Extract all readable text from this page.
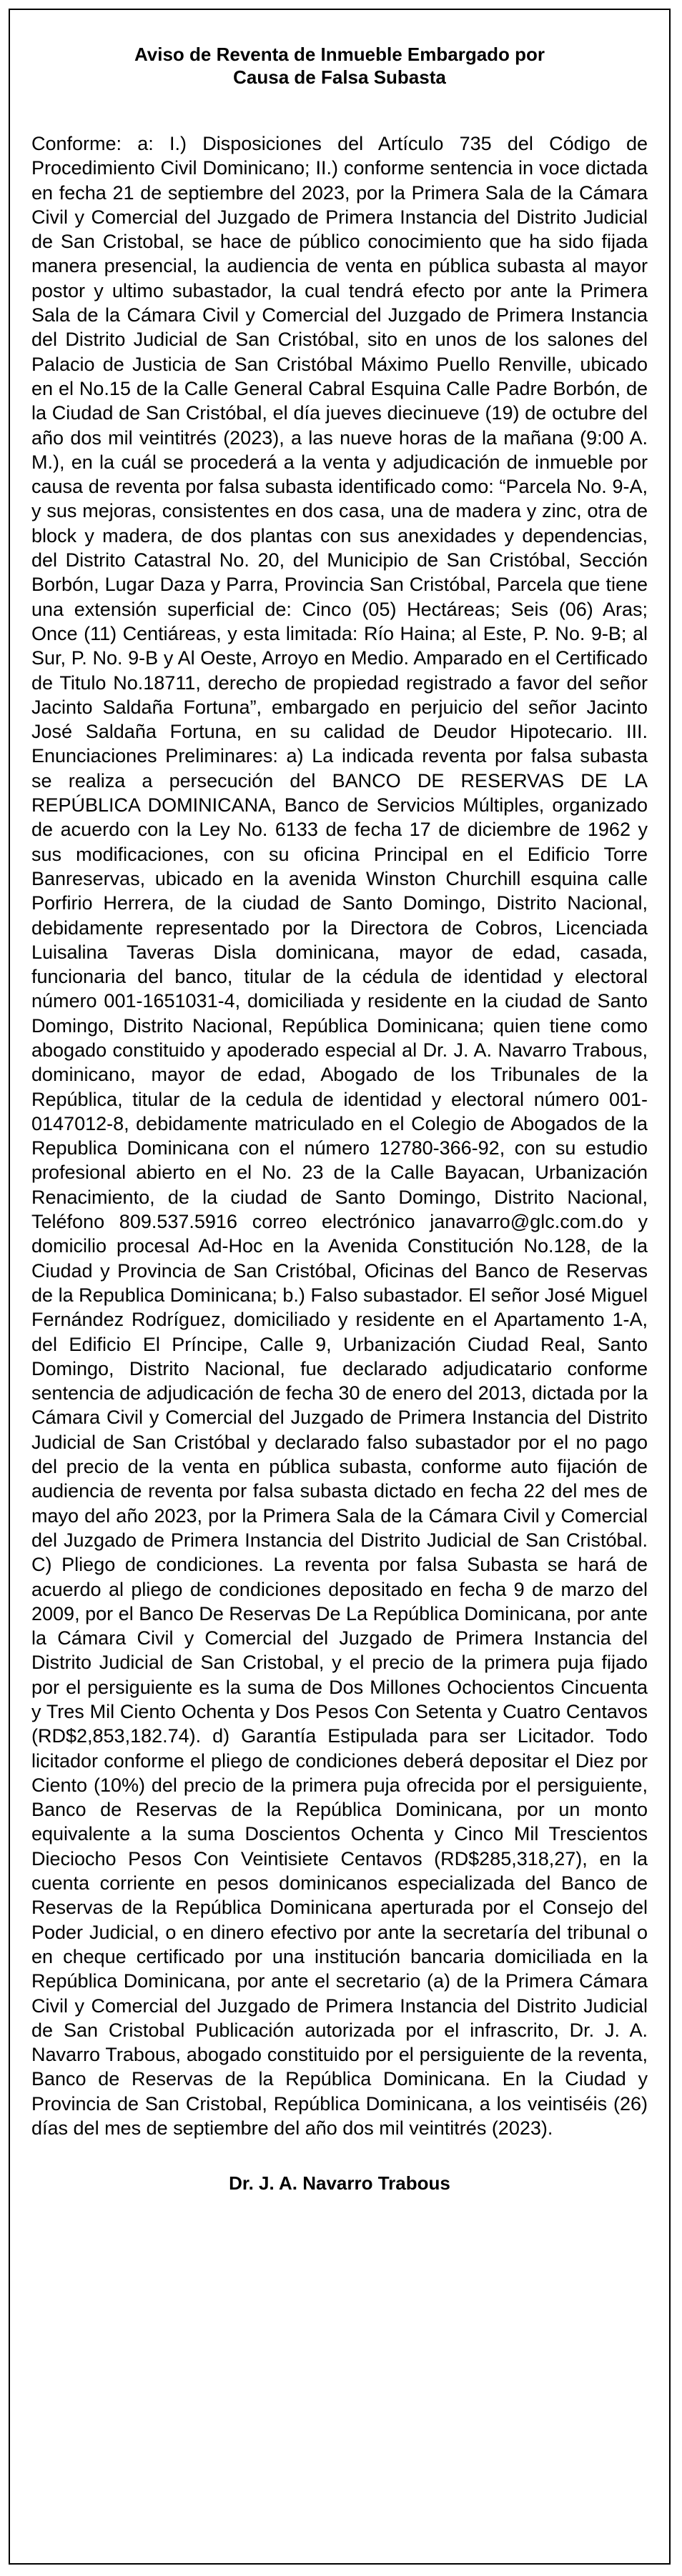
Aviso de Reventa de Inmueble Embargado por
Causa de Falsa Subasta

Conforme: a: I.) Disposiciones del Artículo 735 del Código de Procedimiento Civil Dominicano; II.) conforme sentencia in voce dictada en fecha 21 de septiembre del 2023, por la Primera Sala de la Cámara Civil y Comercial del Juzgado de Primera Instancia del Distrito Judicial de San Cristobal, se hace de público conocimiento que ha sido fijada manera presencial, la audiencia de venta en pública subasta al mayor postor y ultimo subastador, la cual tendrá efecto por ante la Primera Sala de la Cámara Civil y Comercial del Juzgado de Primera Instancia del Distrito Judicial de San Cristóbal, sito en unos de los salones del Palacio de Justicia de San Cristóbal Máximo Puello Renville, ubicado en el No.15 de la Calle General Cabral Esquina Calle Padre Borbón, de la Ciudad de San Cristóbal, el día jueves diecinueve (19) de octubre del año dos mil veintitrés (2023), a las nueve horas de la mañana (9:00 A. M.), en la cuál se procederá a la venta y adjudicación de inmueble por causa de reventa por falsa subasta identificado como: “Parcela No. 9-A, y sus mejoras, consistentes en dos casa, una de madera y zinc, otra de block y madera, de dos plantas con sus anexidades y dependencias, del Distrito Catastral No. 20, del Municipio de San Cristóbal, Sección Borbón, Lugar Daza y Parra, Provincia San Cristóbal, Parcela que tiene una extensión superficial de: Cinco (05) Hectáreas; Seis (06) Aras; Once (11) Centiáreas, y esta limitada: Río Haina; al Este, P. No. 9-B; al Sur, P. No. 9-B y Al Oeste, Arroyo en Medio. Amparado en el Certificado de Titulo No.18711, derecho de propiedad registrado a favor del señor Jacinto Saldaña Fortuna”, embargado en perjuicio del señor Jacinto José Saldaña Fortuna, en su calidad de Deudor Hipotecario. III. Enunciaciones Preliminares: a) La indicada reventa por falsa subasta se realiza a persecución del BANCO DE RESERVAS DE LA REPÚBLICA DOMINICANA, Banco de Servicios Múltiples, organizado de acuerdo con la Ley No. 6133 de fecha 17 de diciembre de 1962 y sus modificaciones, con su oficina Principal en el Edificio Torre Banreservas, ubicado en la avenida Winston Churchill esquina calle Porfirio Herrera, de la ciudad de Santo Domingo, Distrito Nacional, debidamente representado por la Directora de Cobros, Licenciada Luisalina Taveras Disla dominicana, mayor de edad, casada, funcionaria del banco, titular de la cédula de identidad y electoral número 001-1651031-4, domiciliada y residente en la ciudad de Santo Domingo, Distrito Nacional, República Dominicana; quien tiene como abogado constituido y apoderado especial al Dr. J. A. Navarro Trabous, dominicano, mayor de edad, Abogado de los Tribunales de la República, titular de la cedula de identidad y electoral número 001-0147012-8, debidamente matriculado en el Colegio de Abogados de la Republica Dominicana con el número 12780-366-92, con su estudio profesional abierto en el No. 23 de la Calle Bayacan, Urbanización Renacimiento, de la ciudad de Santo Domingo, Distrito Nacional, Teléfono 809.537.5916 correo electrónico janavarro@glc.com.do y domicilio procesal Ad-Hoc en la Avenida Constitución No.128, de la Ciudad y Provincia de San Cristóbal, Oficinas del Banco de Reservas de la Republica Dominicana; b.) Falso subastador. El señor José Miguel Fernández Rodríguez, domiciliado y residente en el Apartamento 1-A, del Edificio El Príncipe, Calle 9, Urbanización Ciudad Real, Santo Domingo, Distrito Nacional, fue declarado adjudicatario conforme sentencia de adjudicación de fecha 30 de enero del 2013, dictada por la Cámara Civil y Comercial del Juzgado de Primera Instancia del Distrito Judicial de San Cristóbal y declarado falso subastador por el no pago del precio de la venta en pública subasta, conforme auto fijación de audiencia de reventa por falsa subasta dictado en fecha 22 del mes de mayo del año 2023, por la Primera Sala de la Cámara Civil y Comercial del Juzgado de Primera Instancia del Distrito Judicial de San Cristóbal. C) Pliego de condiciones. La reventa por falsa Subasta se hará de acuerdo al pliego de condiciones depositado en fecha 9 de marzo del 2009, por el Banco De Reservas De La República Dominicana, por ante la Cámara Civil y Comercial del Juzgado de Primera Instancia del Distrito Judicial de San Cristobal, y el precio de la primera puja fijado por el persiguiente es la suma de Dos Millones Ochocientos Cincuenta y Tres Mil Ciento Ochenta y Dos Pesos Con Setenta y Cuatro Centavos (RD$2,853,182.74). d) Garantía Estipulada para ser Licitador. Todo licitador conforme el pliego de condiciones deberá depositar el Diez por Ciento (10%) del precio de la primera puja ofrecida por el persiguiente, Banco de Reservas de la República Dominicana, por un monto equivalente a la suma Doscientos Ochenta y Cinco Mil Trescientos Dieciocho Pesos Con Veintisiete Centavos (RD$285,318,27), en la cuenta corriente en pesos dominicanos especializada del Banco de Reservas de la República Dominicana aperturada por el Consejo del Poder Judicial, o en dinero efectivo por ante la secretaría del tribunal o en cheque certificado por una institución bancaria domiciliada en la República Dominicana, por ante el secretario (a) de la Primera Cámara Civil y Comercial del Juzgado de Primera Instancia del Distrito Judicial de San Cristobal Publicación autorizada por el infrascrito, Dr. J. A. Navarro Trabous, abogado constituido por el persiguiente de la reventa, Banco de Reservas de la República Dominicana. En la Ciudad y Provincia de San Cristobal, República Dominicana, a los veintiséis (26) días del mes de septiembre del año dos mil veintitrés (2023).

Dr. J. A. Navarro Trabous
